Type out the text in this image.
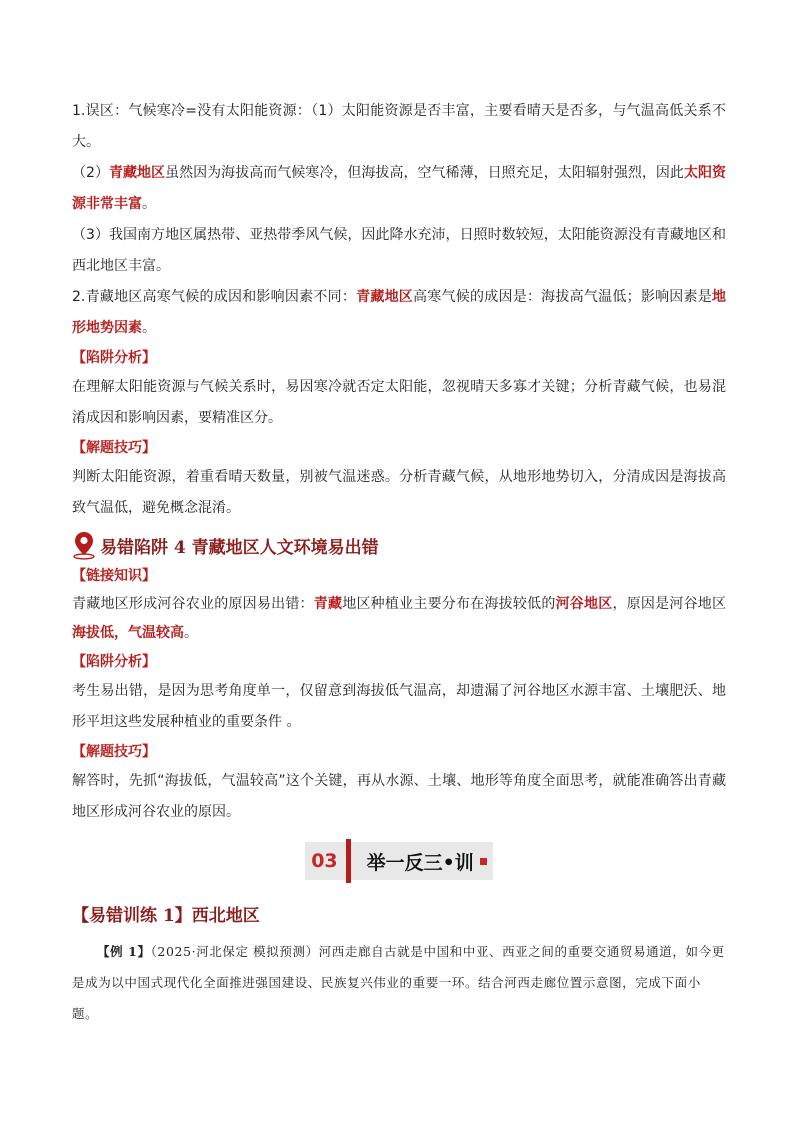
1.误区：气候寒冷=没有太阳能资源：（1）太阳能资源是否丰富，主要看晴天是否多，与气温高低关系不大。

（2）青藏地区虽然因为海拔高而气候寒冷，但海拔高，空气稀薄，日照充足，太阳辐射强烈，因此太阳资源非常丰富。

（3）我国南方地区属热带、亚热带季风气候，因此降水充沛，日照时数较短，太阳能资源没有青藏地区和西北地区丰富。

2.青藏地区高寒气候的成因和影响因素不同：青藏地区高寒气候的成因是：海拔高气温低；影响因素是地形地势因素。

【陷阱分析】

在理解太阳能资源与气候关系时，易因寒冷就否定太阳能，忽视晴天多寡才关键；分析青藏气候，也易混淆成因和影响因素，要精准区分。

【解题技巧】

判断太阳能资源，着重看晴天数量，别被气温迷惑。分析青藏气候，从地形地势切入，分清成因是海拔高致气温低，避免概念混淆。

易错陷阱 4 青藏地区人文环境易出错

【链接知识】

青藏地区形成河谷农业的原因易出错：青藏地区种植业主要分布在海拔较低的河谷地区，原因是河谷地区海拔低，气温较高。

【陷阱分析】

考生易出错，是因为思考角度单一，仅留意到海拔低气温高，却遗漏了河谷地区水源丰富、土壤肥沃、地形平坦这些发展种植业的重要条件 。

【解题技巧】

解答时，先抓“海拔低，气温较高”这个关键，再从水源、土壤、地形等角度全面思考，就能准确答出青藏地区形成河谷农业的原因。

03	举一反三•训

【易错训练 1】西北地区

【例 1】（2025·河北保定 模拟预测）河西走廊自古就是中国和中亚、西亚之间的重要交通贸易通道，如今更是成为以中国式现代化全面推进强国建设、民族复兴伟业的重要一环。结合河西走廊位置示意图，完成下面小题。
